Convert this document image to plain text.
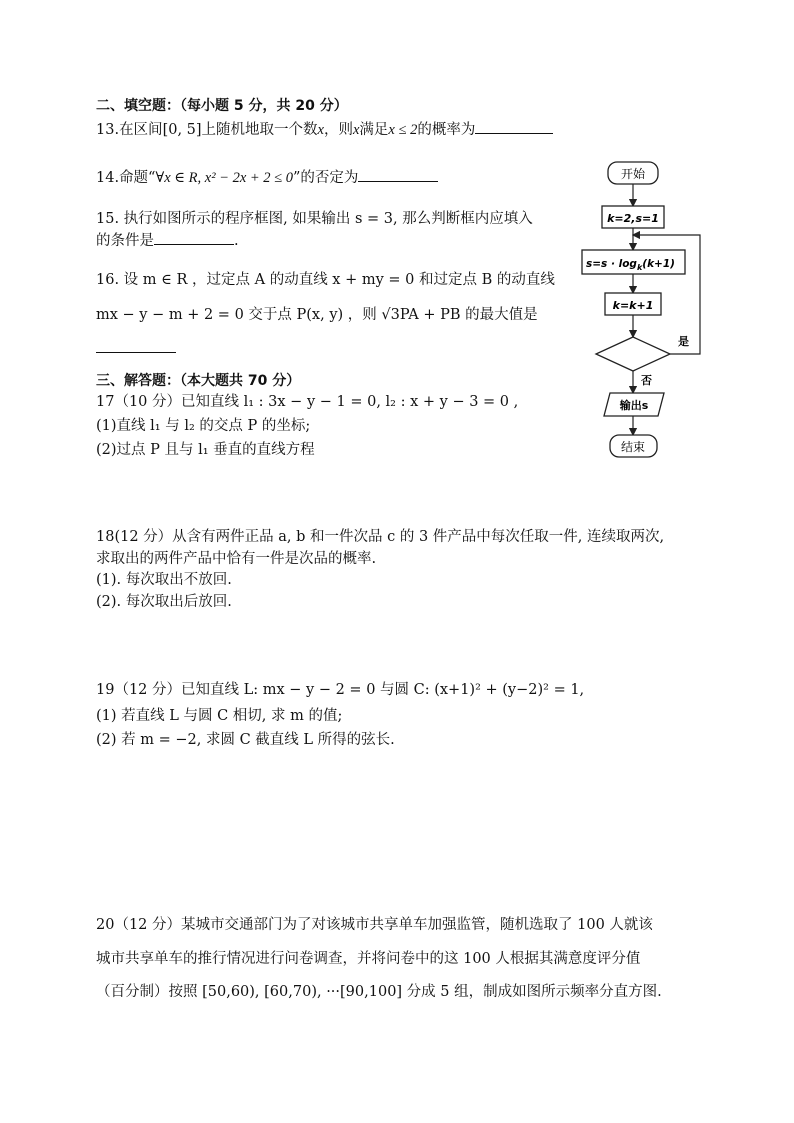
二、填空题：（每小题 5 分，共 20 分）
13.在区间[0, 5]上随机地取一个数x，则x满足x ≤ 2的概率为
14.命题“∀x ∈ R, x² − 2x + 2 ≤ 0”的否定为
15. 执行如图所示的程序框图, 如果输出 s = 3, 那么判断框内应填入
的条件是	.
16. 设 m ∈ R ，过定点 A 的动直线 x + my = 0 和过定点 B 的动直线
mx − y − m + 2 = 0 交于点 P(x, y) ，则 √3PA + PB 的最大值是
开始
k=2,s=1
$s=s \cdot \log_k(k+1)$
k=k+1
是
否
输出s
结束
三、解答题：（本大题共 70 分）
17（10 分）已知直线 l₁ : 3x − y − 1 = 0, l₂ : x + y − 3 = 0 ,
(1)直线 l₁ 与 l₂ 的交点 P 的坐标;
(2)过点 P 且与 l₁ 垂直的直线方程
18(12 分）从含有两件正品 a, b 和一件次品 c 的 3 件产品中每次任取一件, 连续取两次,
求取出的两件产品中恰有一件是次品的概率.
(1). 每次取出不放回.
(2). 每次取出后放回.
19（12 分）已知直线 L: mx − y − 2 = 0 与圆 C: (x+1)² + (y−2)² = 1,
(1) 若直线 L 与圆 C 相切, 求 m 的值;
(2) 若 m = −2, 求圆 C 截直线 L 所得的弦长.
20（12 分）某城市交通部门为了对该城市共享单车加强监管，随机选取了 100 人就该
城市共享单车的推行情况进行问卷调查，并将问卷中的这 100 人根据其满意度评分值
（百分制）按照 [50,60), [60,70), ···[90,100] 分成 5 组，制成如图所示频率分直方图.
